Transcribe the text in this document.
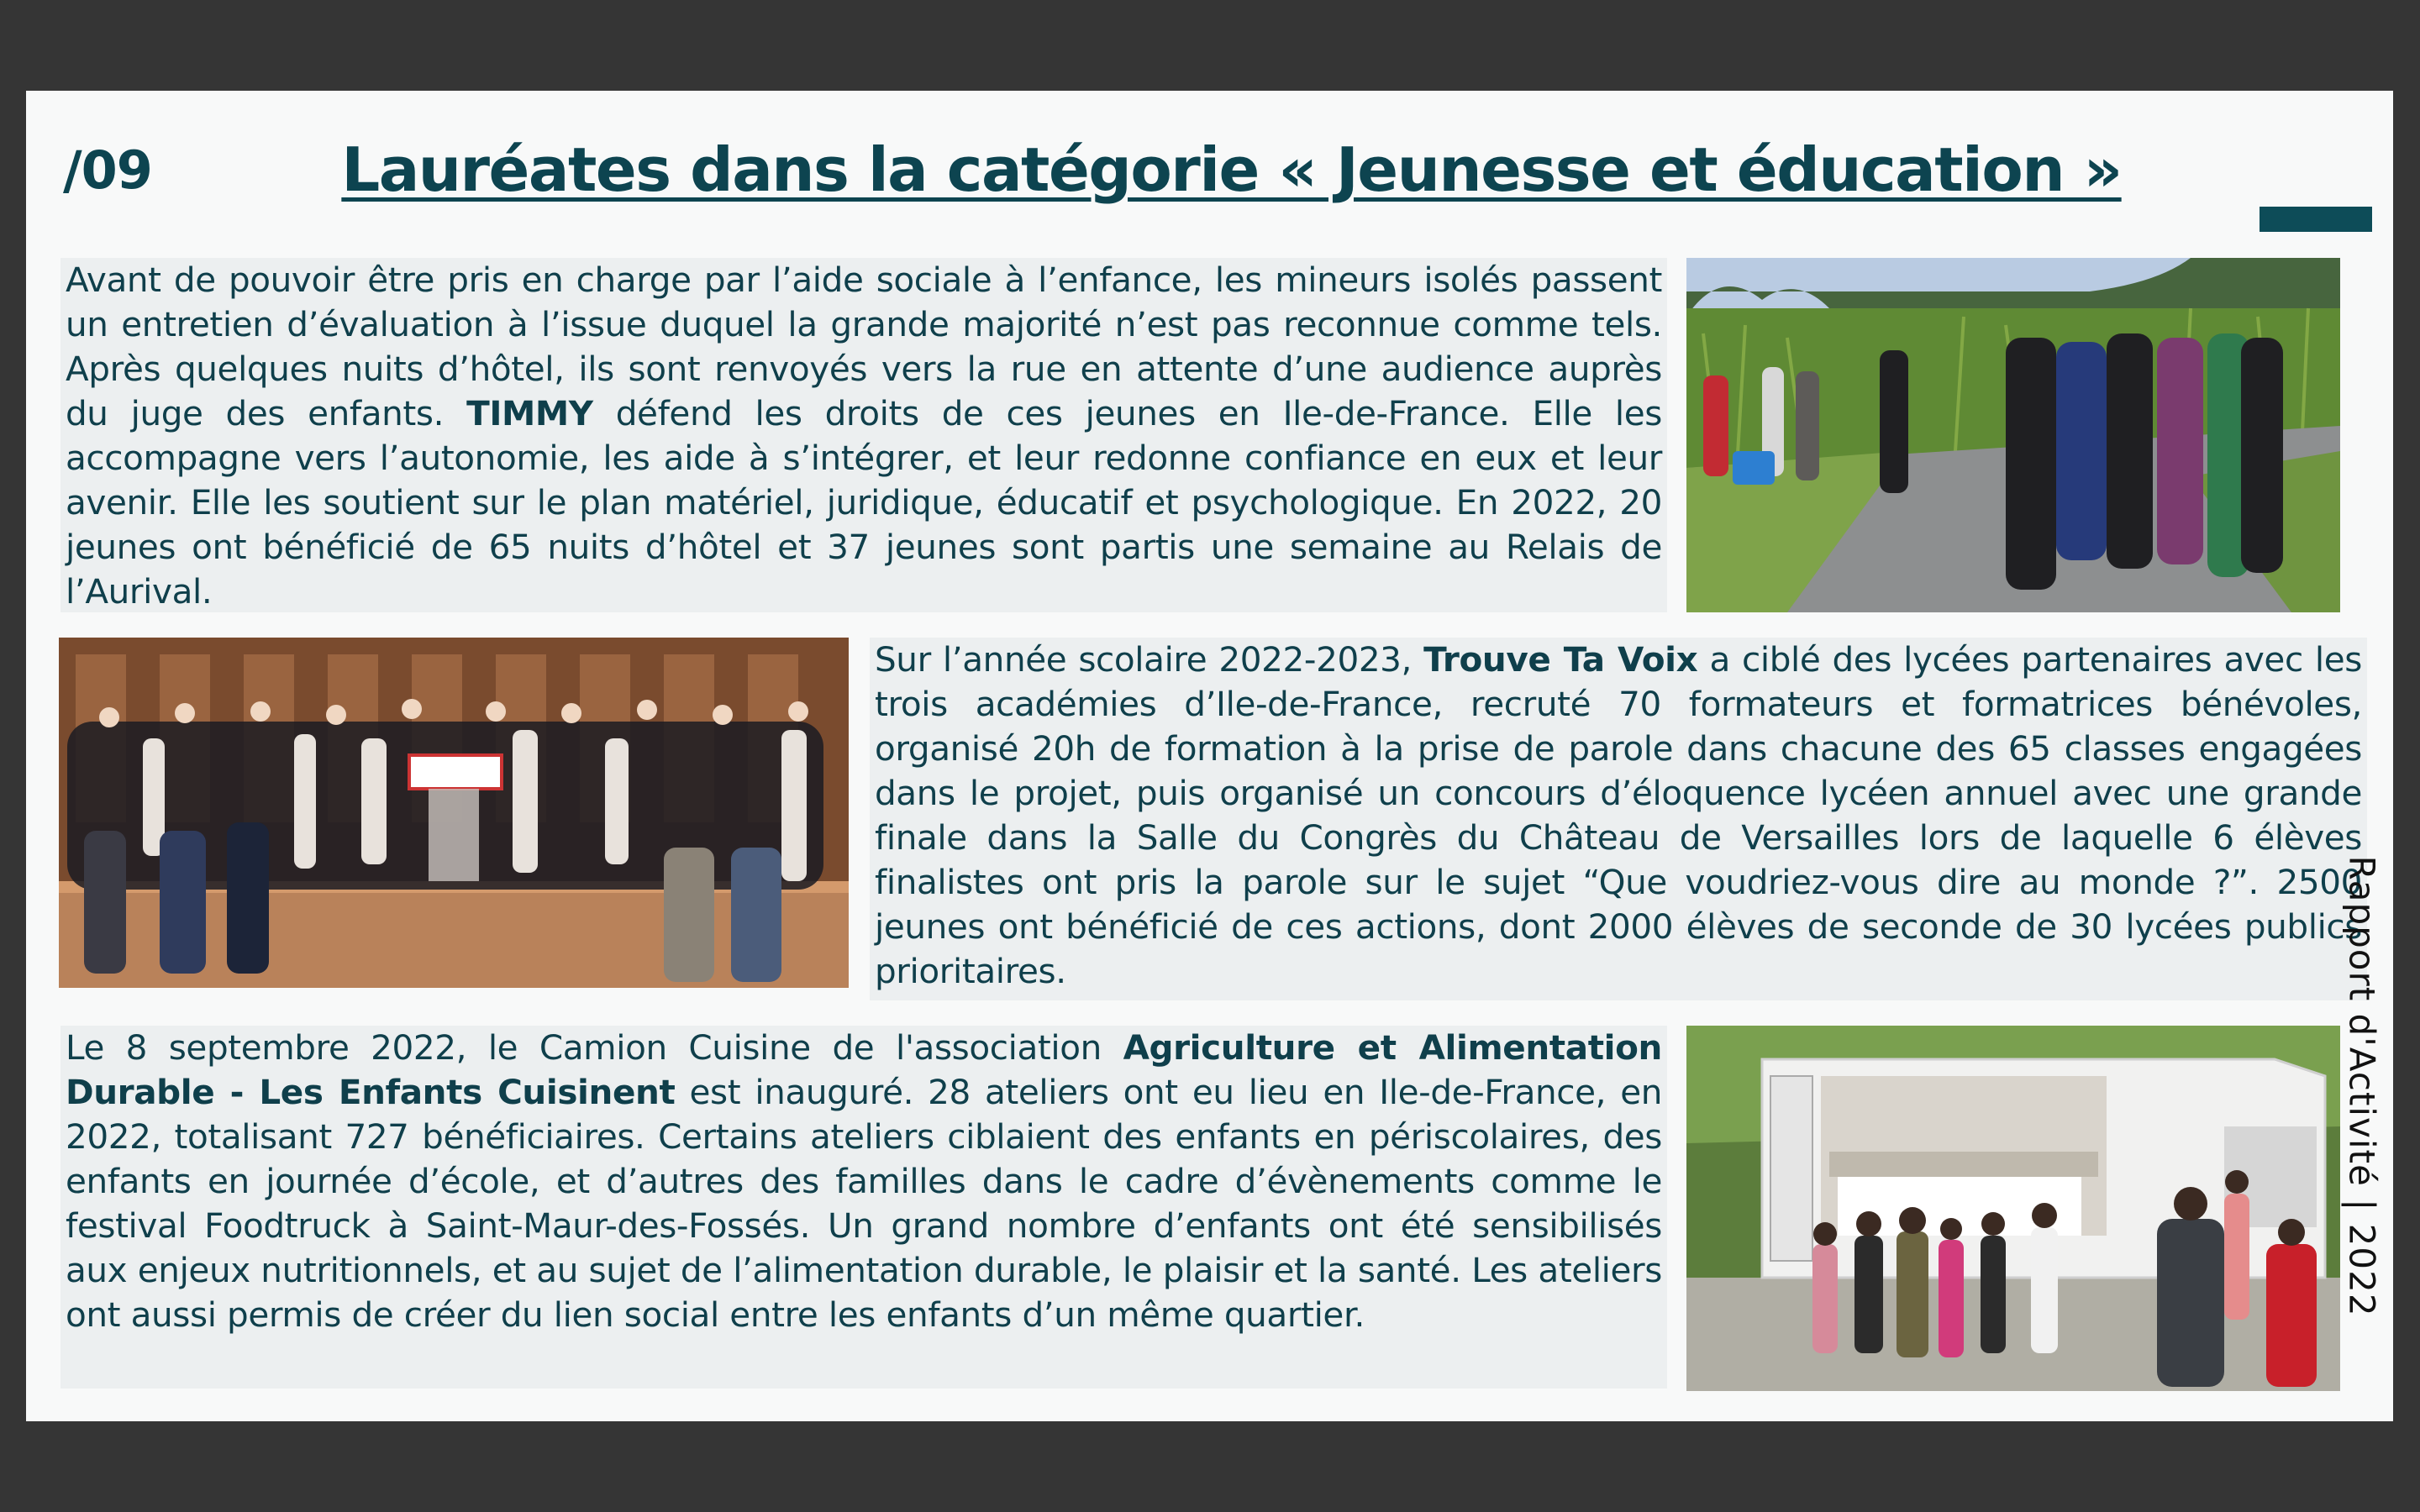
/09	Lauréates dans la catégorie « Jeunesse et éducation »
Avant de pouvoir être pris en charge par l’aide sociale à l’enfance, les mineurs isolés passent un entretien d’évaluation à l’issue duquel la grande majorité n’est pas reconnue comme tels. Après quelques nuits d’hôtel, ils sont renvoyés vers la rue en attente d’une audience auprès du juge des enfants. TIMMY défend les droits de ces jeunes en Ile-de-France. Elle les accompagne vers l’autonomie, les aide à s’intégrer, et leur redonne confiance en eux et leur avenir. Elle les soutient sur le plan matériel, juridique, éducatif et psychologique. En 2022, 20 jeunes ont bénéficié de 65 nuits d’hôtel et 37 jeunes sont partis une semaine au Relais de l’Aurival.
Sur l’année scolaire 2022-2023, Trouve Ta Voix a ciblé des lycées partenaires avec les trois académies d’Ile-de-France, recruté 70 formateurs et formatrices bénévoles, organisé 20h de formation à la prise de parole dans chacune des 65 classes engagées dans le projet, puis organisé un concours d’éloquence lycéen annuel avec une grande finale dans la Salle du Congrès du Château de Versailles lors de laquelle 6 élèves finalistes ont pris la parole sur le sujet “Que voudriez-vous dire au monde ?”. 2500 jeunes ont bénéficié de ces actions, dont 2000 élèves de seconde de 30 lycées publics prioritaires.
Le 8 septembre 2022, le Camion Cuisine de l'association Agriculture et Alimentation Durable - Les Enfants Cuisinent est inauguré. 28 ateliers ont eu lieu en Ile-de-France, en 2022, totalisant 727 bénéficiaires. Certains ateliers ciblaient des enfants en périscolaires, des enfants en journée d’école, et d’autres des familles dans le cadre d’évènements comme le festival Foodtruck à Saint-Maur-des-Fossés. Un grand nombre d’enfants ont été sensibilisés aux enjeux nutritionnels, et au sujet de l’alimentation durable, le plaisir et la santé. Les ateliers ont aussi permis de créer du lien social entre les enfants d’un même quartier.	Rapport d'Activité | 2022
